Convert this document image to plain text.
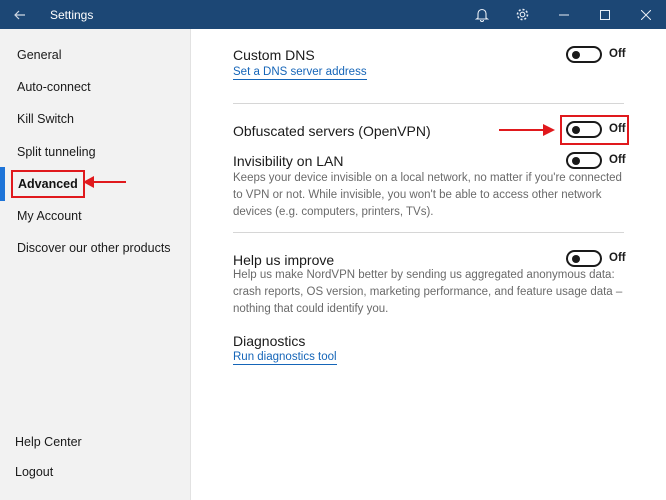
Settings
General
Auto-connect
Kill Switch
Split tunneling
Advanced
My Account
Discover our other products
Help Center
Logout
Custom DNS
Set a DNS server address
Off
Obfuscated servers (OpenVPN)	Off
Invisibility on LAN	Off

Keeps your device invisible on a local network, no matter if you're connected to VPN or not. While invisible, you won't be able to access other network devices (e.g. computers, printers, TVs).

Help us improve	Off

Help us make NordVPN better by sending us aggregated anonymous data: crash reports, OS version, marketing performance, and feature usage data – nothing that could identify you.

Diagnostics
Run diagnostics tool
